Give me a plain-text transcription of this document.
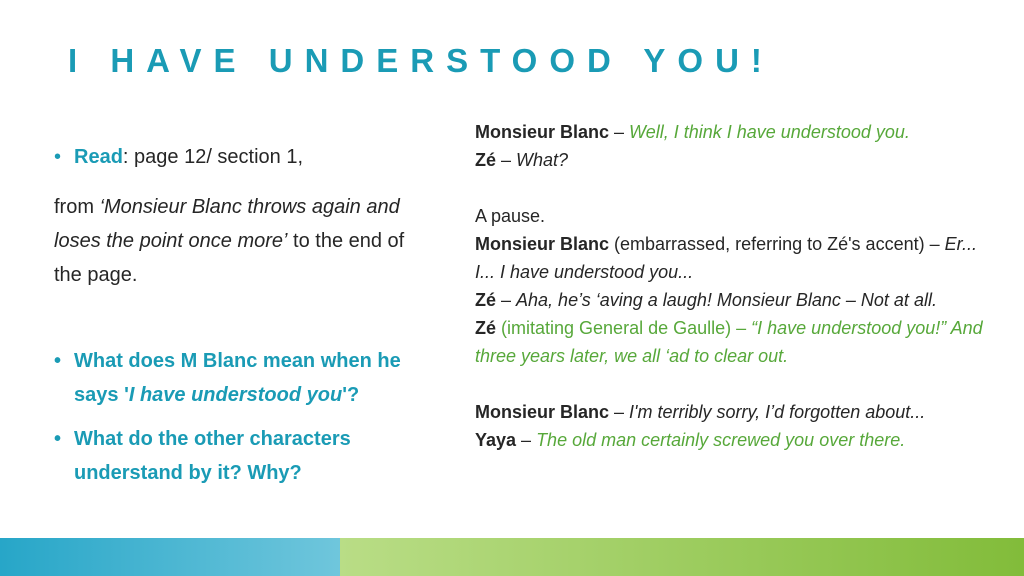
I HAVE UNDERSTOOD YOU!
• Read: page 12/ section 1,
from ‘Monsieur Blanc throws again and loses the point once more’ to the end of the page.
• What does M Blanc mean when he says 'I have understood you'?
• What do the other characters understand by it? Why?
Monsieur Blanc – Well, I think I have understood you.
Zé – What?
A pause.
Monsieur Blanc (embarrassed, referring to Zé's accent) – Er... I... I have understood you...
Zé – Aha, he’s ‘aving a laugh! Monsieur Blanc – Not at all.
Zé (imitating General de Gaulle) – “I have understood you!” And three years later, we all ‘ad to clear out.
Monsieur Blanc – I'm terribly sorry, I’d forgotten about...
Yaya – The old man certainly screwed you over there.
